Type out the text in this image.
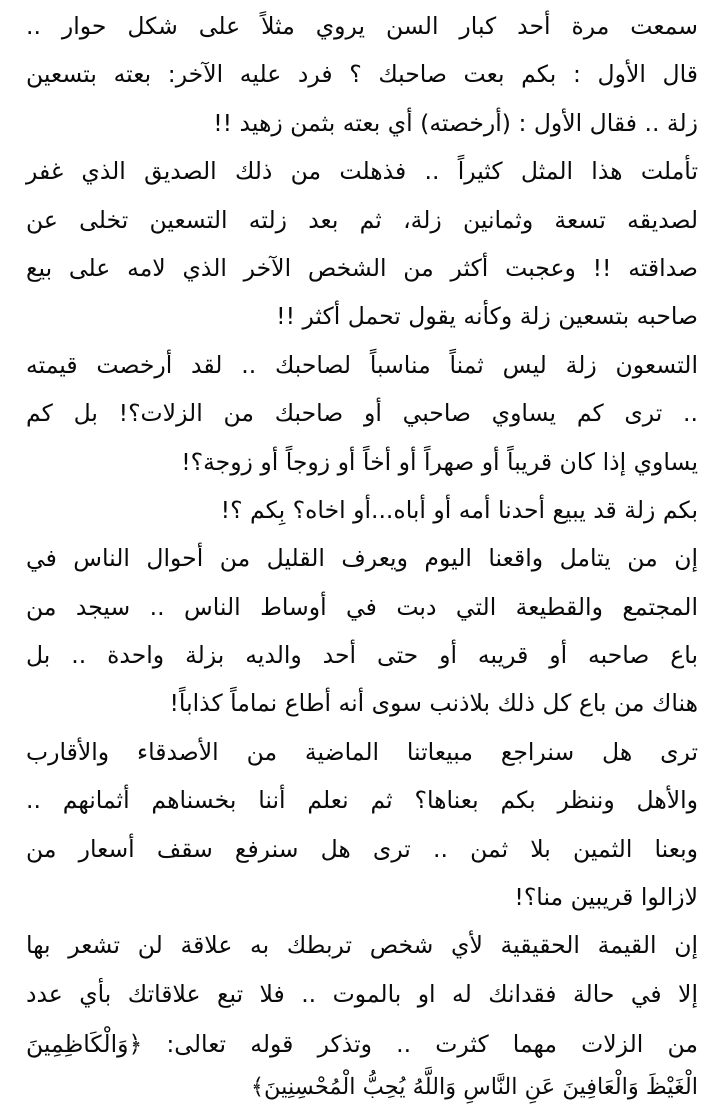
سمعت مرة أحد كبار السن يروي مثلاً على شكل حوار ..
قال الأول : بكم بعت صاحبك ؟ فرد عليه الآخر: بعته بتسعين
زلة .. فقال الأول : (أرخصته) أي بعته بثمن زهيد !!
تأملت هذا المثل كثيراً .. فذهلت من ذلك الصديق الذي غفر
لصديقه تسعة وثمانين زلة، ثم بعد زلته التسعين تخلى عن
صداقته !! وعجبت أكثر من الشخص الآخر الذي لامه على بيع
صاحبه بتسعين زلة وكأنه يقول تحمل أكثر !!
التسعون زلة ليس ثمناً مناسباً لصاحبك .. لقد أرخصت قيمته
.. ترى كم يساوي صاحبي أو صاحبك من الزلات؟! بل كم
يساوي إذا كان قريباً أو صهراً أو أخاً أو زوجاً أو زوجة؟!
بكم زلة قد يبيع أحدنا أمه أو أباه...أو اخاه؟ بِكم ؟!
إن من يتامل واقعنا اليوم ويعرف القليل من أحوال الناس في
المجتمع والقطيعة التي دبت في أوساط الناس .. سيجد من
باع صاحبه أو قريبه أو حتى أحد والديه بزلة واحدة .. بل
هناك من باع كل ذلك بلاذنب سوى أنه أطاع نماماً كذاباً!
ترى هل سنراجع مبيعاتنا الماضية من الأصدقاء والأقارب
والأهل وننظر بكم بعناها؟ ثم نعلم أننا بخسناهم أثمانهم ..
وبعنا الثمين بلا ثمن .. ترى هل سنرفع سقف أسعار من
لازالوا قريبين منا؟!
إن القيمة الحقيقية لأي شخص تربطك به علاقة لن تشعر بها
إلا في حالة فقدانك له او بالموت .. فلا تبع علاقاتك بأي عدد
من الزلات مهما كثرت .. وتذكر قوله تعالى: ﴿وَالْكَاظِمِينَ
الْغَيْظَ وَالْعَافِينَ عَنِ النَّاسِ وَاللَّهُ يُحِبُّ الْمُحْسِنِينَ﴾
